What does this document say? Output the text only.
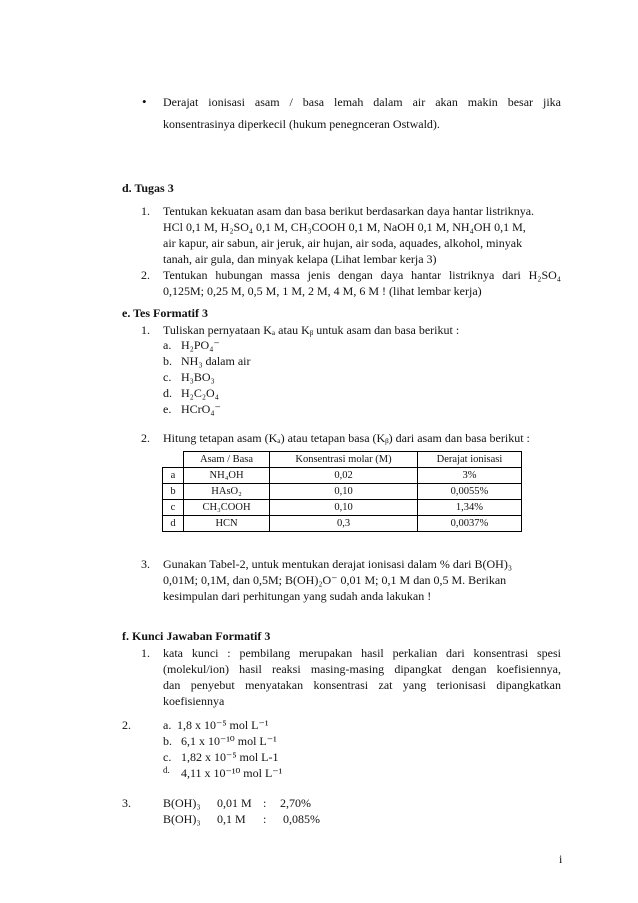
• Derajat ionisasi asam / basa lemah dalam air akan makin besar jika
konsentrasinya diperkecil (hukum penegnceran Ostwald).
d. Tugas 3
1. Tentukan kekuatan asam dan basa berikut berdasarkan daya hantar listriknya.
HCl 0,1 M, H₂SO₄ 0,1 M, CH₃COOH 0,1 M, NaOH 0,1 M, NH₄OH 0,1 M,
air kapur, air sabun, air jeruk, air hujan, air soda, aquades, alkohol, minyak
tanah, air gula, dan minyak kelapa (Lihat lembar kerja 3)
2. Tentukan hubungan massa jenis dengan daya hantar listriknya dari H₂SO₄
0,125M; 0,25 M, 0,5 M, 1 M, 2 M, 4 M, 6 M ! (lihat lembar kerja)
e. Tes Formatif 3
1. Tuliskan pernyataan Kₐ atau Kᵦ untuk asam dan basa berikut :
a. H₂PO₄⁻
b. NH₃ dalam air
c. H₃BO₃
d. H₂C₂O₄
e. HCrO₄⁻
2. Hitung tetapan asam (Kₐ) atau tetapan basa (Kᵦ) dari asam dan basa berikut :
	Asam / Basa	Konsentrasi molar (M)	Derajat ionisasi
a	NH₄OH	0,02	3%
b	HAsO₂	0,10	0,0055%
c	CH₃COOH	0,10	1,34%
d	HCN	0,3	0,0037%
3. Gunakan Tabel-2, untuk mentukan derajat ionisasi dalam % dari B(OH)₃
0,01M; 0,1M, dan 0,5M; B(OH)₂O⁻ 0,01 M; 0,1 M dan 0,5 M. Berikan
kesimpulan dari perhitungan yang sudah anda lakukan !
f. Kunci Jawaban Formatif 3
1. kata kunci : pembilang merupakan hasil perkalian dari konsentrasi spesi
(molekul/ion) hasil reaksi masing-masing dipangkat dengan koefisiennya,
dan penyebut menyatakan konsentrasi zat yang terionisasi dipangkatkan
koefisiennya
2.	a. 1,8 x 10⁻⁵ mol L⁻¹
b. 6,1 x 10⁻¹⁰ mol L⁻¹
c. 1,82 x 10⁻⁵ mol L-1
d. 4,11 x 10⁻¹⁰ mol L⁻¹
3.	B(OH)₃ 0,01 M : 2,70%
B(OH)₃ 0,1 M : 0,085%
i
